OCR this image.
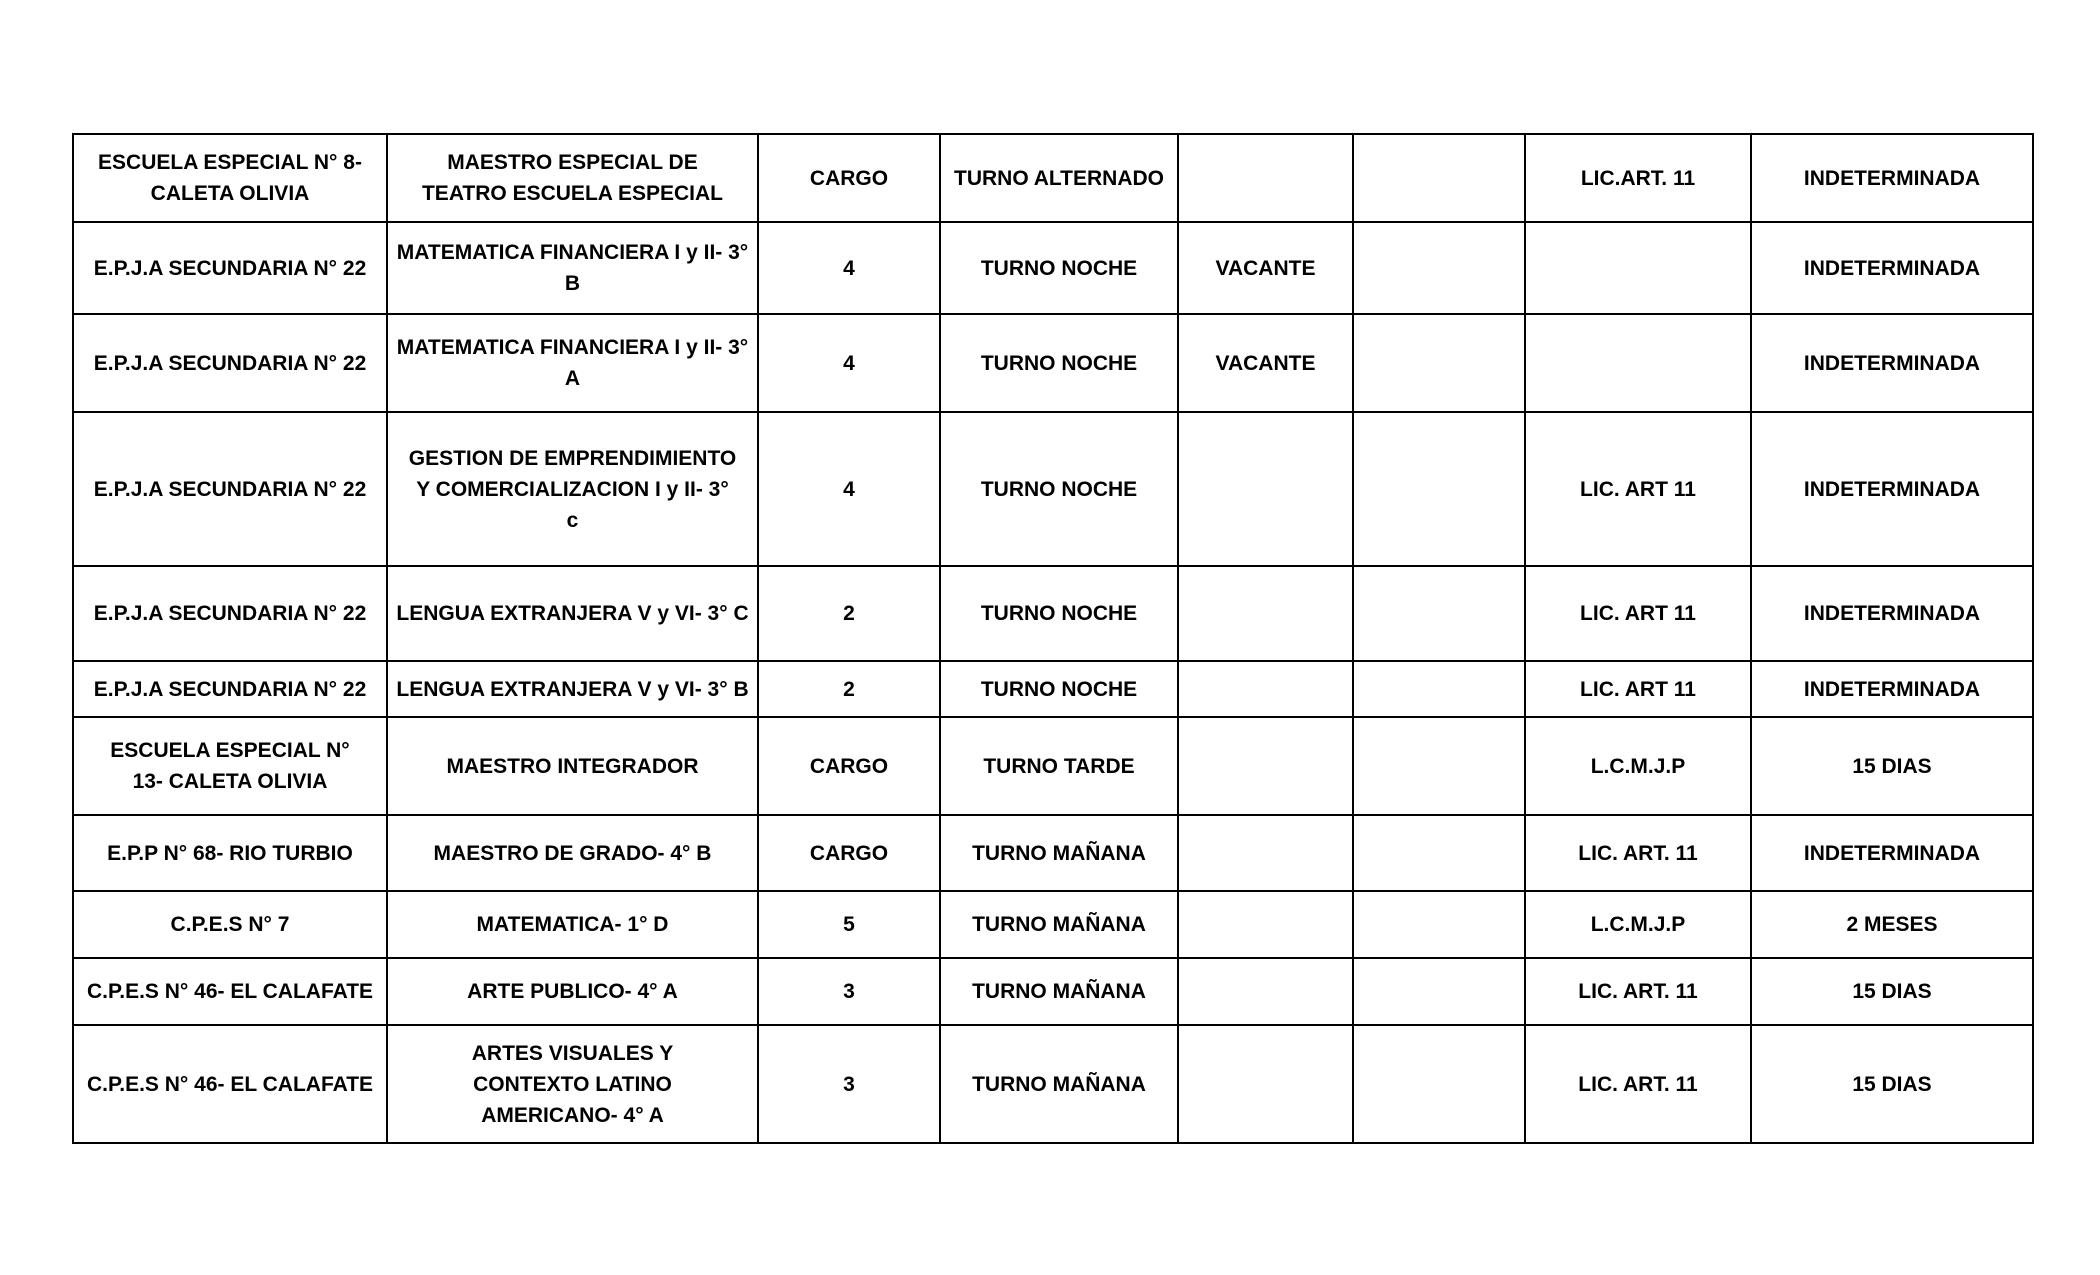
ESCUELA ESPECIAL N° 8- CALETA OLIVIA	MAESTRO ESPECIAL DE TEATRO ESCUELA ESPECIAL	CARGO	TURNO ALTERNADO			LIC.ART. 11	INDETERMINADA
E.P.J.A SECUNDARIA N° 22	MATEMATICA FINANCIERA I y II- 3° B	4	TURNO NOCHE	VACANTE			INDETERMINADA
E.P.J.A SECUNDARIA N° 22	MATEMATICA FINANCIERA I y II- 3° A	4	TURNO NOCHE	VACANTE			INDETERMINADA
E.P.J.A SECUNDARIA N° 22	GESTION DE EMPRENDIMIENTO Y COMERCIALIZACION I y II- 3° c	4	TURNO NOCHE			LIC. ART 11	INDETERMINADA
E.P.J.A SECUNDARIA N° 22	LENGUA EXTRANJERA V y VI- 3° C	2	TURNO NOCHE			LIC. ART 11	INDETERMINADA
E.P.J.A SECUNDARIA N° 22	LENGUA EXTRANJERA V y VI- 3° B	2	TURNO NOCHE			LIC. ART 11	INDETERMINADA
ESCUELA ESPECIAL N° 13- CALETA OLIVIA	MAESTRO INTEGRADOR	CARGO	TURNO TARDE			L.C.M.J.P	15 DIAS
E.P.P N° 68- RIO TURBIO	MAESTRO DE GRADO- 4° B	CARGO	TURNO MAÑANA			LIC. ART. 11	INDETERMINADA
C.P.E.S N° 7	MATEMATICA- 1° D	5	TURNO MAÑANA			L.C.M.J.P	2 MESES
C.P.E.S N° 46- EL CALAFATE	ARTE PUBLICO- 4° A	3	TURNO MAÑANA			LIC. ART. 11	15 DIAS
C.P.E.S N° 46- EL CALAFATE	ARTES VISUALES Y CONTEXTO LATINO AMERICANO- 4° A	3	TURNO MAÑANA			LIC. ART. 11	15 DIAS
